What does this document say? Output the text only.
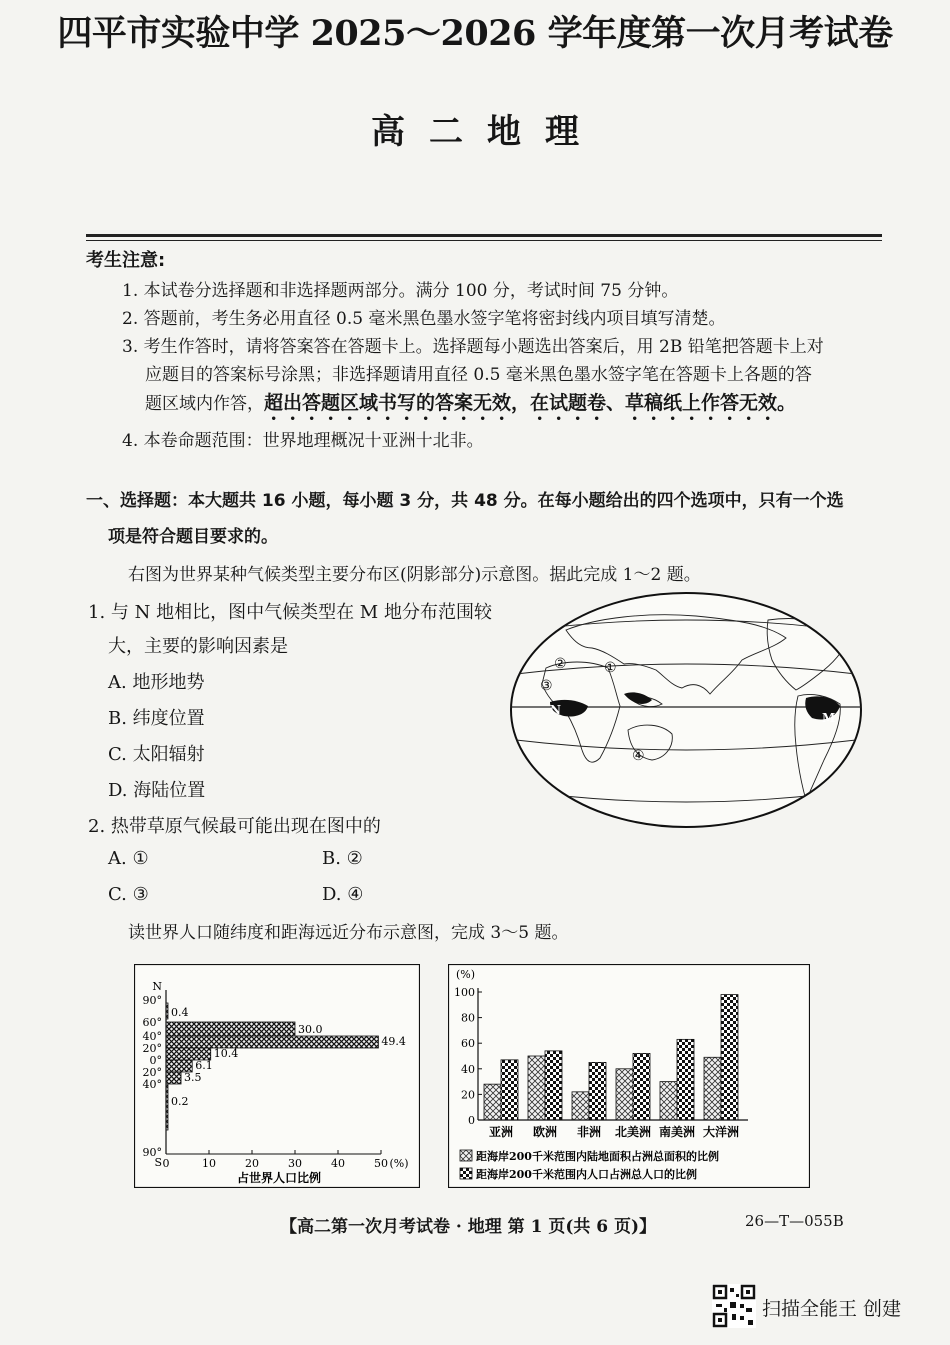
四平市实验中学 2025～2026 学年度第一次月考试卷
高二地理
考生注意:
1. 本试卷分选择题和非选择题两部分。满分 100 分，考试时间 75 分钟。
2. 答题前，考生务必用直径 0.5 毫米黑色墨水签字笔将密封线内项目填写清楚。
3. 考生作答时，请将答案答在答题卡上。选择题每小题选出答案后，用 2B 铅笔把答题卡上对
应题目的答案标号涂黑；非选择题请用直径 0.5 毫米黑色墨水签字笔在答题卡上各题的答
题区域内作答，超出答题区域书写的答案无效，在试题卷、草稿纸上作答无效。
4. 本卷命题范围：世界地理概况十亚洲十北非。
一、选择题：本大题共 16 小题，每小题 3 分，共 48 分。在每小题给出的四个选项中，只有一个选
项是符合题目要求的。
右图为世界某种气候类型主要分布区(阴影部分)示意图。据此完成 1～2 题。
1. 与 N 地相比，图中气候类型在 M 地分布范围较
大，主要的影响因素是
A. 地形地势
B. 纬度位置
C. 太阳辐射
D. 海陆位置
2. 热带草原气候最可能出现在图中的
A. ①	B. ②
C. ③	D. ④
①
②
③
④
N
M
读世界人口随纬度和距海远近分布示意图，完成 3～5 题。
0.4
30.0
49.4
10.4
6.1
3.5
0.2
N
90°
60°
40°
20°
0°
20°
40°
90°
S 0	10	20	30	40	50 (%)
占世界人口比例
(%)
0
20
40
60
80
100
亚洲 欧洲 非洲 北美洲 南美洲 大洋洲
距海岸200千米范围内陆地面积占洲总面积的比例
距海岸200千米范围内人口占洲总人口的比例
【高二第一次月考试卷 · 地理 第 1 页(共 6 页)】	26—T—055B
扫描全能王 创建
